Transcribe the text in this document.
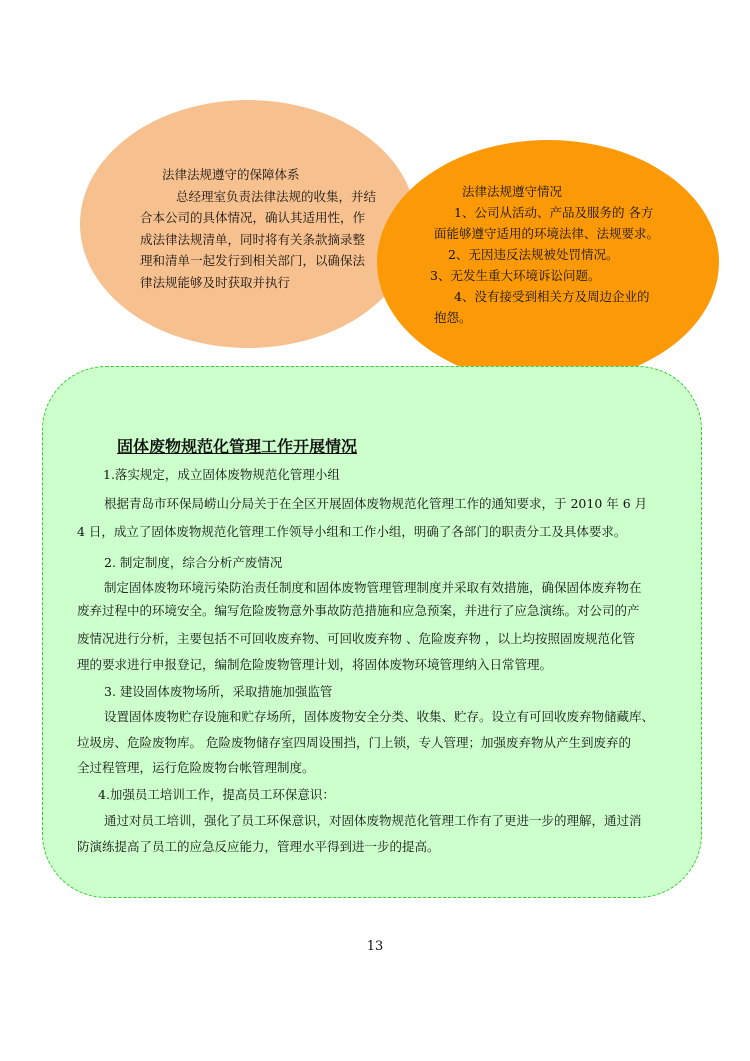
法律法规遵守的保障体系
总经理室负责法律法规的收集，并结
合本公司的具体情况，确认其适用性，作
成法律法规清单，同时将有关条款摘录整
理和清单一起发行到相关部门，以确保法
律法规能够及时获取并执行
法律法规遵守情况
1、公司从活动、产品及服务的 各方
面能够遵守适用的环境法律、法规要求。
2、无因违反法规被处罚情况。
3、无发生重大环境诉讼问题。
4、没有接受到相关方及周边企业的
抱怨。
固体废物规范化管理工作开展情况
1.落实规定，成立固体废物规范化管理小组
根据青岛市环保局崂山分局关于在全区开展固体废物规范化管理工作的通知要求，于 2010 年 6 月
4 日，成立了固体废物规范化管理工作领导小组和工作小组，明确了各部门的职责分工及具体要求。
2. 制定制度，综合分析产废情况
制定固体废物环境污染防治责任制度和固体废物管理管理制度并采取有效措施，确保固体废弃物在
废弃过程中的环境安全。编写危险废物意外事故防范措施和应急预案，并进行了应急演练。对公司的产
废情况进行分析，主要包括不可回收废弃物、可回收废弃物 、危险废弃物 ，以上均按照固废规范化管
理的要求进行申报登记，编制危险废物管理计划，将固体废物环境管理纳入日常管理。
3. 建设固体废物场所，采取措施加强监管
设置固体废物贮存设施和贮存场所，固体废物安全分类、收集、贮存。设立有可回收废弃物储藏库、
垃圾房、危险废物库。 危险废物储存室四周设围挡，门上锁，专人管理；加强废弃物从产生到废弃的
全过程管理，运行危险废物台帐管理制度。
4.加强员工培训工作，提高员工环保意识：
通过对员工培训，强化了员工环保意识，对固体废物规范化管理工作有了更进一步的理解，通过消
防演练提高了员工的应急反应能力，管理水平得到进一步的提高。
13
